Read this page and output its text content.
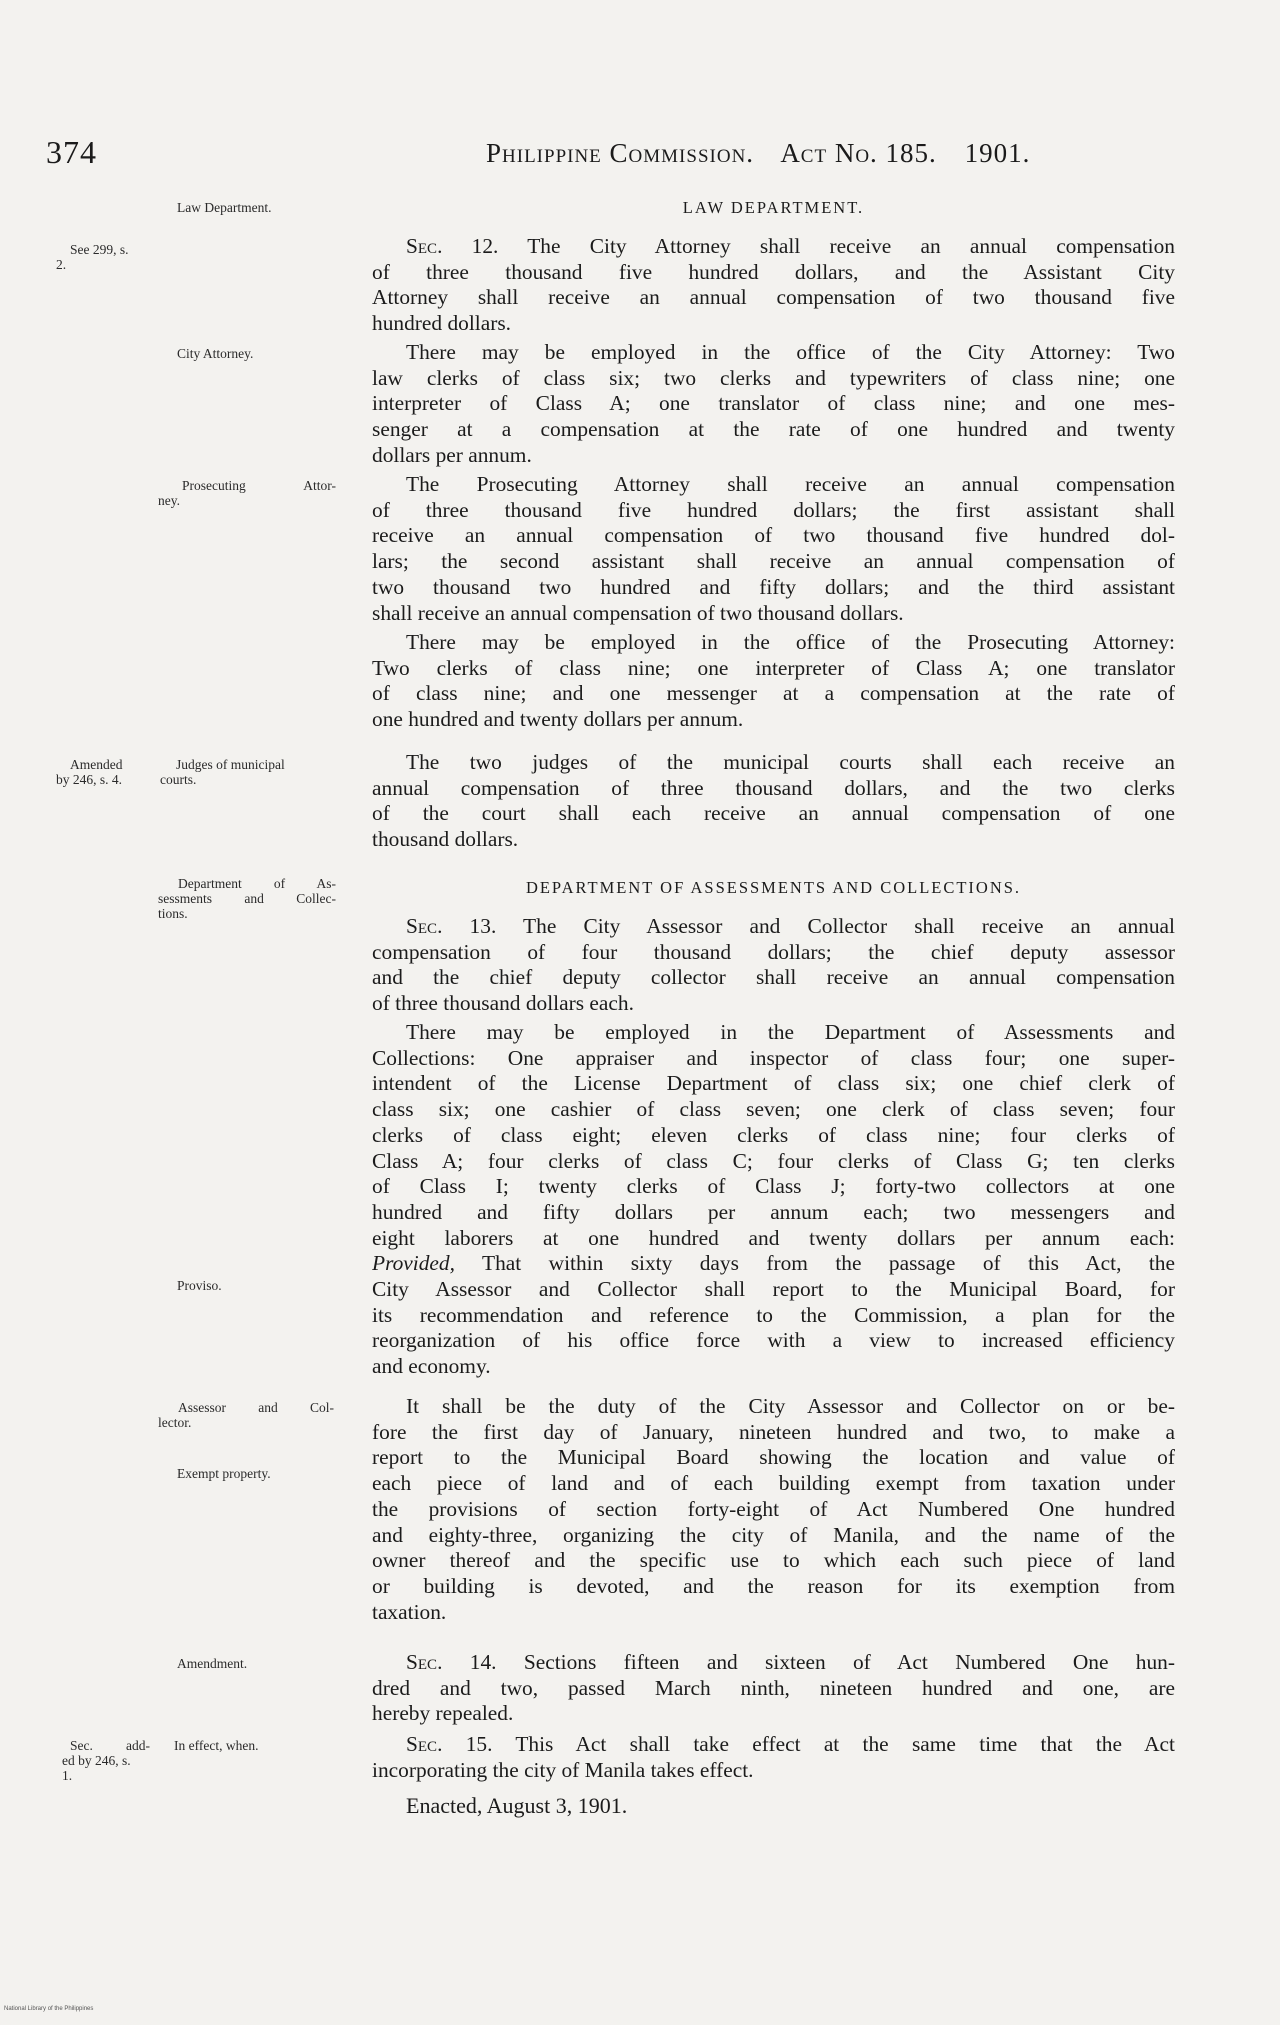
374	Philippine Commission. Act No. 185. 1901.
Law Department.
See 299, s.
2.
City Attorney.
Prosecuting Attor-
ney.
Amended
by 246, s. 4.
Judges of municipal
courts.
Department of As-
sessments and Collec-
tions.
Proviso.
Assessor and Col-
lector.
Exempt property.
Amendment.
Sec. add-
ed by 246, s.
1.
In effect, when.
LAW DEPARTMENT.
DEPARTMENT OF ASSESSMENTS AND COLLECTIONS.
Sec. 12. The City Attorney shall receive an annual compensation
of three thousand five hundred dollars, and the Assistant City
Attorney shall receive an annual compensation of two thousand five
hundred dollars.
There may be employed in the office of the City Attorney: Two
law clerks of class six; two clerks and typewriters of class nine; one
interpreter of Class A; one translator of class nine; and one mes-
senger at a compensation at the rate of one hundred and twenty
dollars per annum.
The Prosecuting Attorney shall receive an annual compensation
of three thousand five hundred dollars; the first assistant shall
receive an annual compensation of two thousand five hundred dol-
lars; the second assistant shall receive an annual compensation of
two thousand two hundred and fifty dollars; and the third assistant
shall receive an annual compensation of two thousand dollars.
There may be employed in the office of the Prosecuting Attorney:
Two clerks of class nine; one interpreter of Class A; one translator
of class nine; and one messenger at a compensation at the rate of
one hundred and twenty dollars per annum.
The two judges of the municipal courts shall each receive an
annual compensation of three thousand dollars, and the two clerks
of the court shall each receive an annual compensation of one
thousand dollars.
Sec. 13. The City Assessor and Collector shall receive an annual
compensation of four thousand dollars; the chief deputy assessor
and the chief deputy collector shall receive an annual compensation
of three thousand dollars each.
There may be employed in the Department of Assessments and
Collections: One appraiser and inspector of class four; one super-
intendent of the License Department of class six; one chief clerk of
class six; one cashier of class seven; one clerk of class seven; four
clerks of class eight; eleven clerks of class nine; four clerks of
Class A; four clerks of class C; four clerks of Class G; ten clerks
of Class I; twenty clerks of Class J; forty-two collectors at one
hundred and fifty dollars per annum each; two messengers and
eight laborers at one hundred and twenty dollars per annum each:
Provided, That within sixty days from the passage of this Act, the
City Assessor and Collector shall report to the Municipal Board, for
its recommendation and reference to the Commission, a plan for the
reorganization of his office force with a view to increased efficiency
and economy.
It shall be the duty of the City Assessor and Collector on or be-
fore the first day of January, nineteen hundred and two, to make a
report to the Municipal Board showing the location and value of
each piece of land and of each building exempt from taxation under
the provisions of section forty-eight of Act Numbered One hundred
and eighty-three, organizing the city of Manila, and the name of the
owner thereof and the specific use to which each such piece of land
or building is devoted, and the reason for its exemption from
taxation.
Sec. 14. Sections fifteen and sixteen of Act Numbered One hun-
dred and two, passed March ninth, nineteen hundred and one, are
hereby repealed.
Sec. 15. This Act shall take effect at the same time that the Act
incorporating the city of Manila takes effect.
Enacted, August 3, 1901.
National Library of the Philippines
